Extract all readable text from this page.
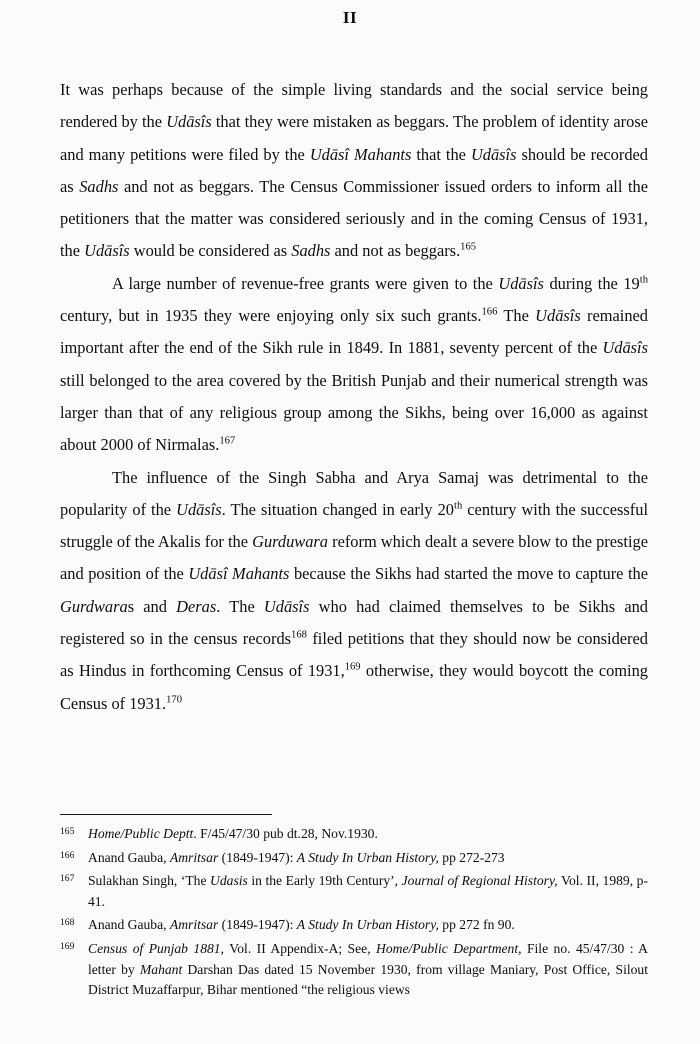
II

It was perhaps because of the simple living standards and the social service being rendered by the Udāsîs that they were mistaken as beggars. The problem of identity arose and many petitions were filed by the Udāsî Mahants that the Udāsîs should be recorded as Sadhs and not as beggars. The Census Commissioner issued orders to inform all the petitioners that the matter was considered seriously and in the coming Census of 1931, the Udāsîs would be considered as Sadhs and not as beggars.$^{165}$

A large number of revenue-free grants were given to the Udāsîs during the 19th century, but in 1935 they were enjoying only six such grants.$^{166}$ The Udāsîs remained important after the end of the Sikh rule in 1849. In 1881, seventy percent of the Udāsîs still belonged to the area covered by the British Punjab and their numerical strength was larger than that of any religious group among the Sikhs, being over 16,000 as against about 2000 of Nirmalas.$^{167}$

The influence of the Singh Sabha and Arya Samaj was detrimental to the popularity of the Udāsîs. The situation changed in early 20th century with the successful struggle of the Akalis for the Gurduwara reform which dealt a severe blow to the prestige and position of the Udāsî Mahants because the Sikhs had started the move to capture the Gurdwaras and Deras. The Udāsîs who had claimed themselves to be Sikhs and registered so in the census records$^{168}$ filed petitions that they should now be considered as Hindus in forthcoming Census of 1931,$^{169}$ otherwise, they would boycott the coming Census of 1931.$^{170}$

165	Home/Public Deptt. F/45/47/30 pub dt.28, Nov.1930.
166	Anand Gauba, Amritsar (1849-1947): A Study In Urban History, pp 272-273
167	Sulakhan Singh, ‘The Udasis in the Early 19th Century’, Journal of Regional History, Vol. II, 1989, p-41.
168	Anand Gauba, Amritsar (1849-1947): A Study In Urban History, pp 272 fn 90.
169	Census of Punjab 1881, Vol. II Appendix-A; See, Home/Public Department, File no. 45/47/30 : A letter by Mahant Darshan Das dated 15 November 1930, from village Maniary, Post Office, Silout District Muzaffarpur, Bihar mentioned “the religious views
